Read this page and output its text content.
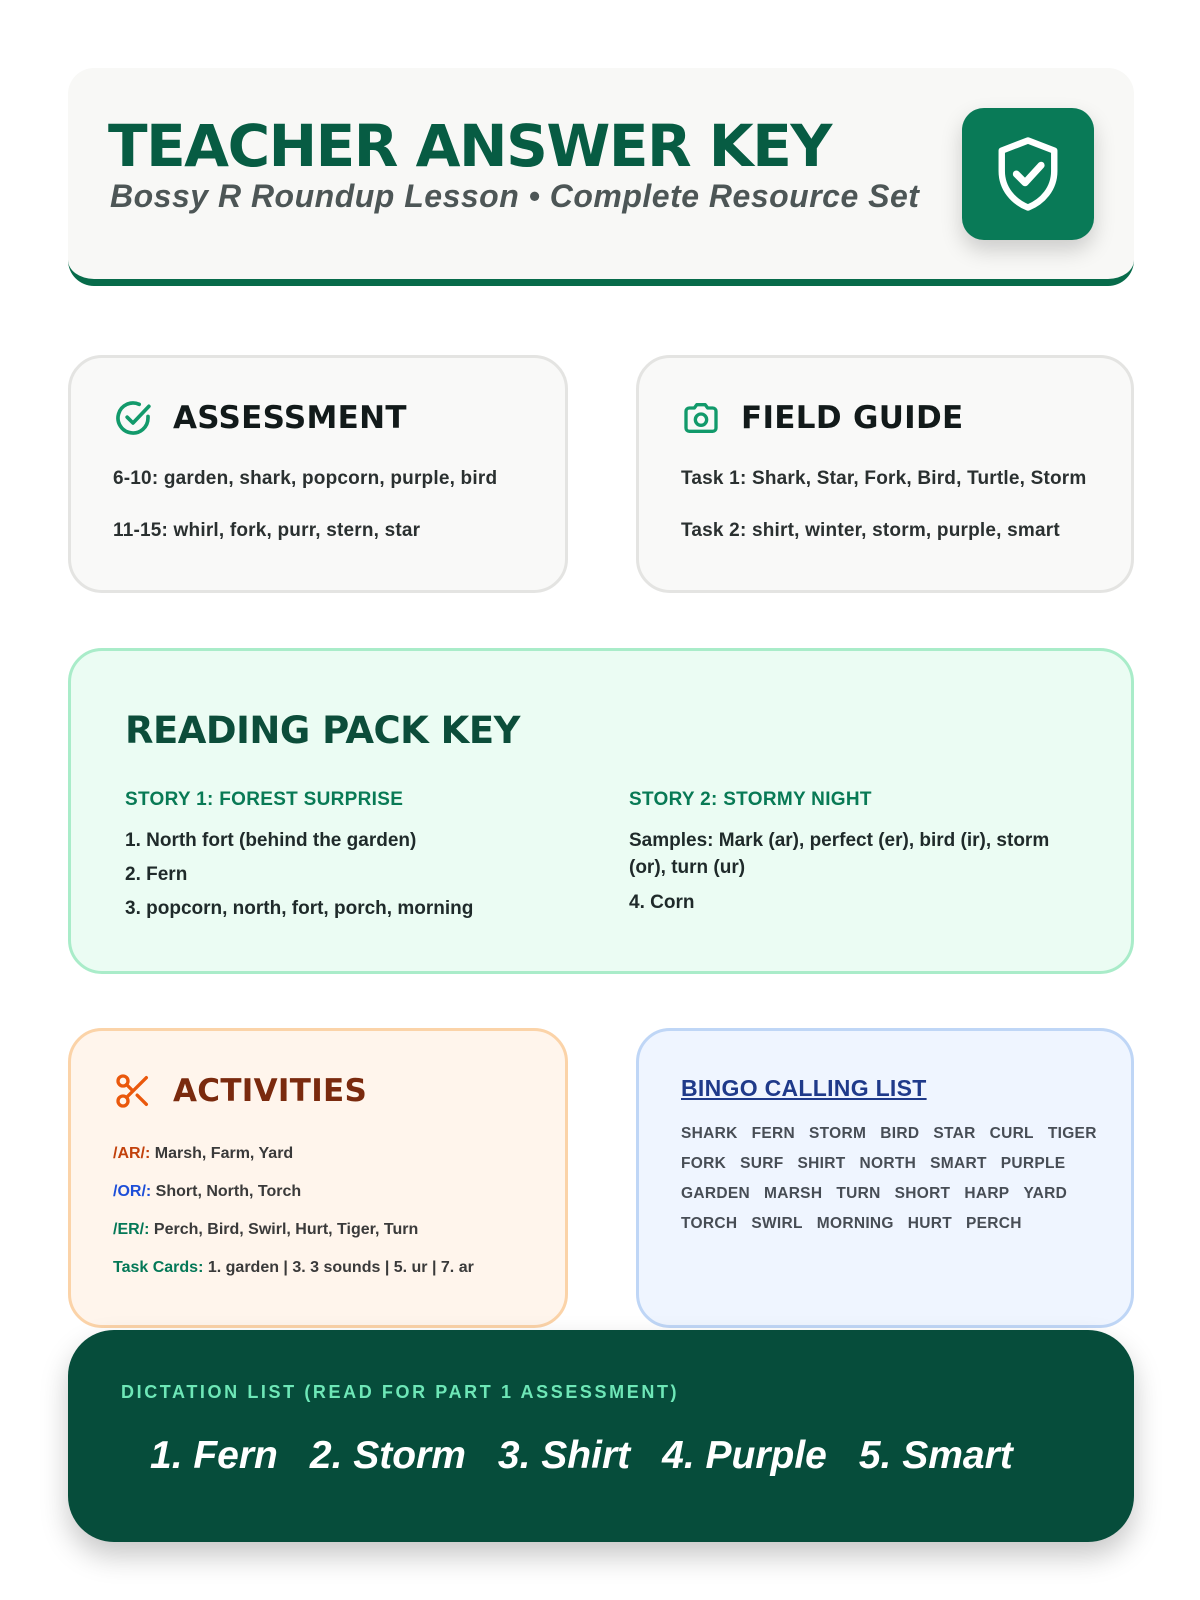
TEACHER ANSWER KEY
Bossy R Roundup Lesson • Complete Resource Set
ASSESSMENT
6-10: garden, shark, popcorn, purple, bird
11-15: whirl, fork, purr, stern, star
FIELD GUIDE
Task 1: Shark, Star, Fork, Bird, Turtle, Storm
Task 2: shirt, winter, storm, purple, smart
READING PACK KEY
STORY 1: FOREST SURPRISE
1. North fort (behind the garden)
2. Fern
3. popcorn, north, fort, porch, morning
STORY 2: STORMY NIGHT
Samples: Mark (ar), perfect (er), bird (ir), storm (or), turn (ur)
4. Corn
ACTIVITIES
/AR/: Marsh, Farm, Yard
/OR/: Short, North, Torch
/ER/: Perch, Bird, Swirl, Hurt, Tiger, Turn
Task Cards: 1. garden | 3. 3 sounds | 5. ur | 7. ar
BINGO CALLING LIST
SHARK FERN STORM BIRD STAR CURL TIGER
FORK SURF SHIRT NORTH SMART PURPLE
GARDEN MARSH TURN SHORT HARP YARD
TORCH SWIRL MORNING HURT PERCH
DICTATION LIST (READ FOR PART 1 ASSESSMENT)
1. Fern 2. Storm 3. Shirt 4. Purple 5. Smart
